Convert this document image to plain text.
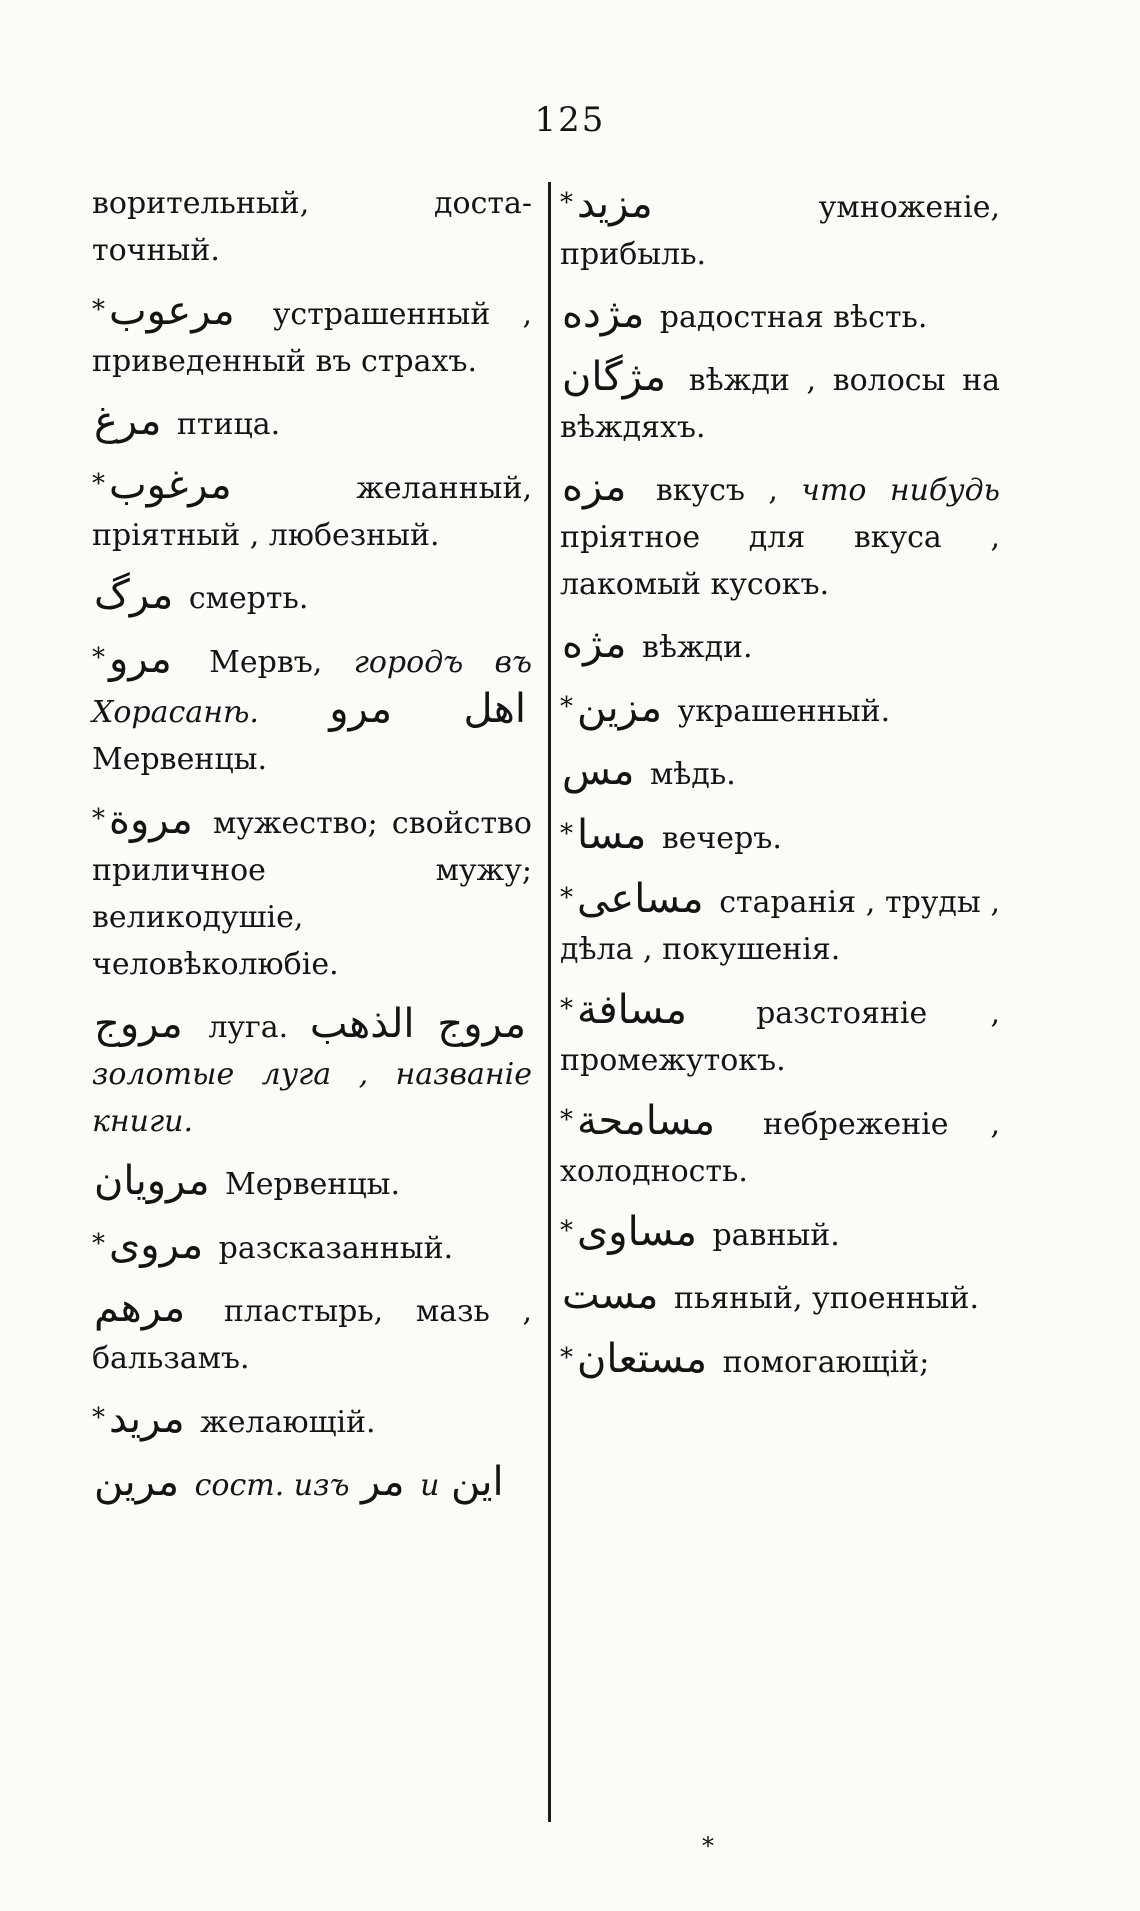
125
ворительный, доста-точный.
* مرعوب устрашенный , приведенный въ страхъ.
مرغ птица.
* مرغوب желанный, пріятный , любезный.
مرگ смерть.
* مرو Мервъ, городъ въ Хорасанѣ. اهل مرو Мервенцы.
* مروة мужество; свойство приличное мужу; великодушіе, человѣколюбіе.
مروج луга. مروج الذهب золотые луга , названіе книги.
مرويان Мервенцы.
* مروى разсказанный.
مرهم пластырь, мазь , бальзамъ.
* مريد желающій.
مرين сост. изъ مر и اين
* مزيد умноженіе, прибыль.
مژده радостная вѣсть.
مژگان вѣжди , волосы на вѣждяхъ.
مزه вкусъ , что нибудь пріятное для вкуса , лакомый кусокъ.
مژه вѣжди.
* مزين украшенный.
مس мѣдь.
* مسا вечеръ.
* مساعى старанія , труды , дѣла , покушенія.
* مسافة разстояніе , промежутокъ.
* مسامحة небреженіе , холодность.
* مساوى равный.
مست пьяный, упоенный.
* مستعان помогающій;
*
